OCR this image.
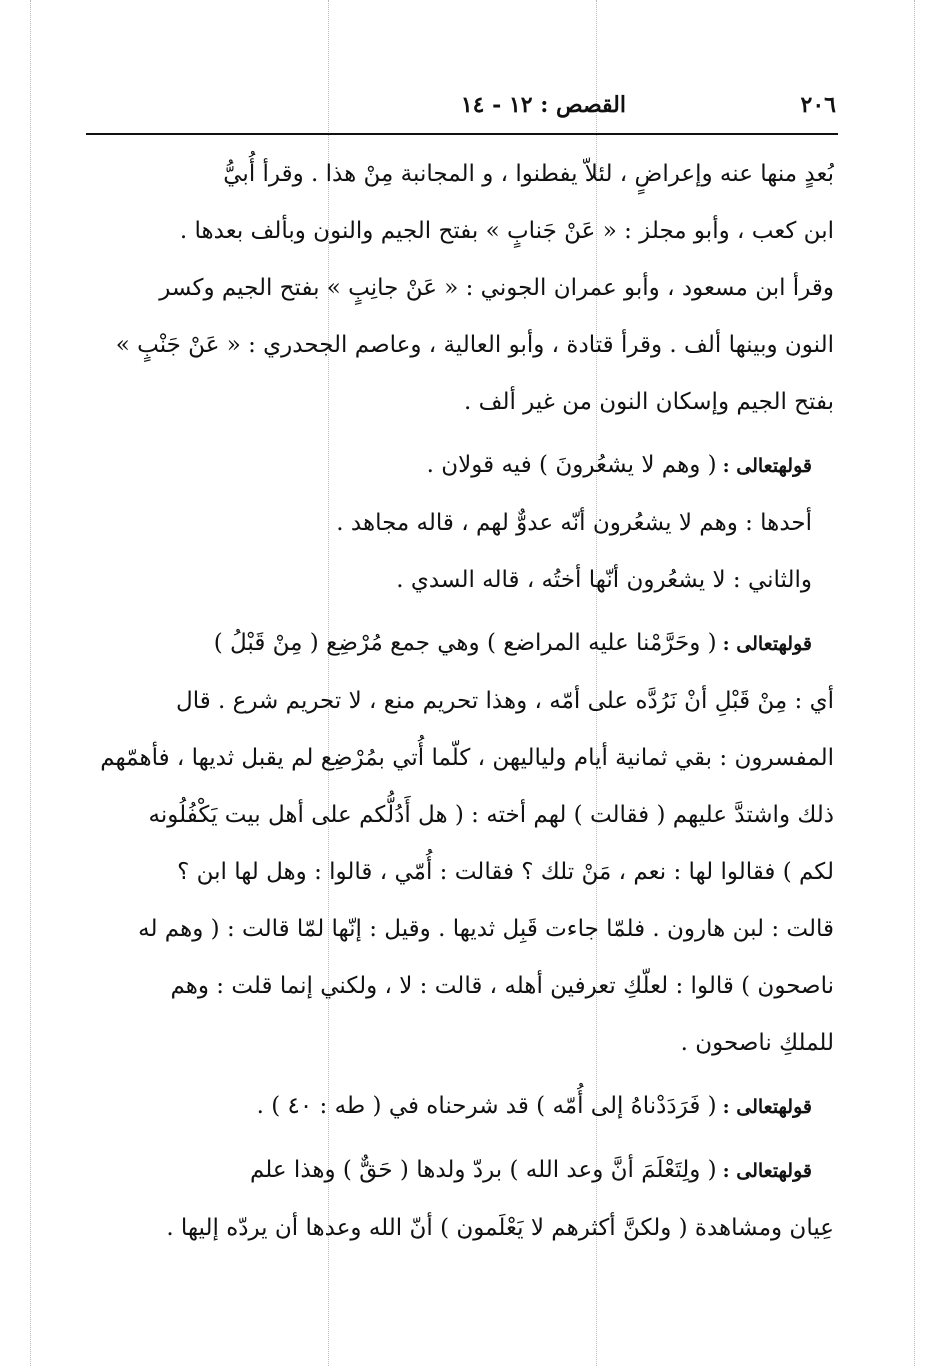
٢٠٦
القصص : ١٢ - ١٤
بُعدٍ منها عنه وإعراضٍ ، لئلاّ يفطنوا ، و المجانبة مِنْ هذا . وقرأ أُبيُّ
ابن كعب ، وأبو مجلز : « عَنْ جَنابٍ » بفتح الجيم والنون وبألف بعدها .
وقرأ ابن مسعود ، وأبو عمران الجوني : « عَنْ جانِبٍ » بفتح الجيم وكسر
النون وبينها ألف . وقرأ قتادة ، وأبو العالية ، وعاصم الجحدري : « عَنْ جَنْبٍ »
بفتح الجيم وإسكان النون من غير ألف .
قولهتعالى :( وهم لا يشعُرونَ ) فيه قولان .
أحدها : وهم لا يشعُرون أنّه عدوٌّ لهم ، قاله مجاهد .
والثاني : لا يشعُرون أنّها أختُه ، قاله السدي .
قولهتعالى :( وحَرَّمْنا عليه المراضع ) وهي جمع مُرْضِع ( مِنْ قَبْلُ )
أي : مِنْ قَبْلِ أنْ نَرُدَّه على أمّه ، وهذا تحريم منع ، لا تحريم شرع . قال
المفسرون : بقي ثمانية أيام ولياليهن ، كلّما أُتي بمُرْضِع لم يقبل ثديها ، فأهمّهم
ذلك واشتدَّ عليهم ( فقالت ) لهم أخته : ( هل أَدُلُّكم على أهل بيت يَكْفُلُونه
لكم ) فقالوا لها : نعم ، مَنْ تلك ؟ فقالت : أُمّي ، قالوا : وهل لها ابن ؟
قالت : لبن هارون . فلمّا جاءت قَبِل ثديها . وقيل : إنّها لمّا قالت : ( وهم له
ناصحون ) قالوا : لعلّكِ تعرفين أهله ، قالت : لا ، ولكني إنما قلت : وهم
للملكِ ناصحون .
قولهتعالى :( فَرَدَدْناهُ إلى أُمّه ) قد شرحناه في ( طه : ٤٠ ) .
قولهتعالى :( ولِتَعْلَمَ أنَّ وعد الله ) بردّ ولدها ( حَقٌّ ) وهذا علم
عِيان ومشاهدة ( ولكنَّ أكثرهم لا يَعْلَمون ) أنّ الله وعدها أن يردّه إليها .
